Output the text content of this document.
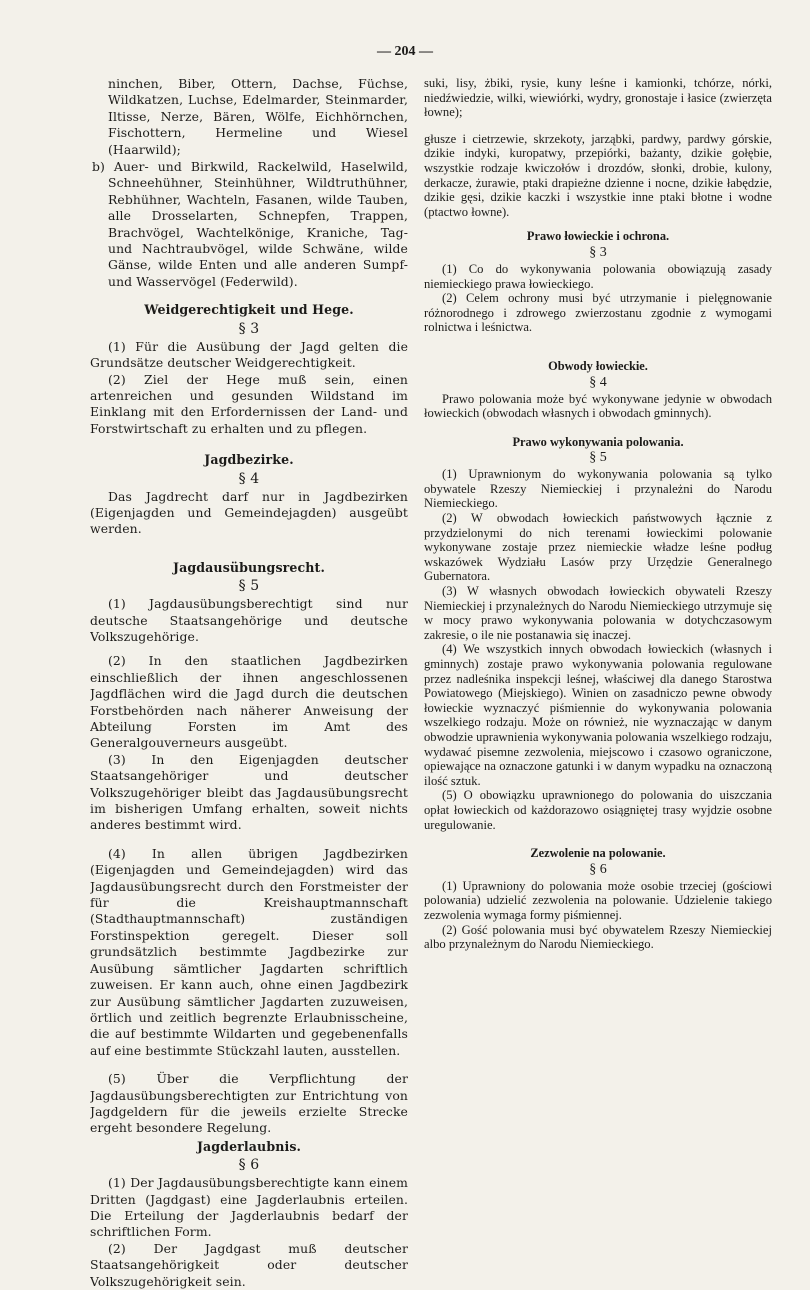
— 204 —

ninchen, Biber, Ottern, Dachse, Füchse, Wildkatzen, Luchse, Edelmarder, Steinmarder, Iltisse, Nerze, Bären, Wölfe, Eichhörnchen, Fischottern, Hermeline und Wiesel (Haarwild);

b) Auer- und Birkwild, Rackelwild, Haselwild, Schneehühner, Steinhühner, Wildtruthühner, Rebhühner, Wachteln, Fasanen, wilde Tauben, alle Drosselarten, Schnepfen, Trappen, Brachvögel, Wachtelkönige, Kraniche, Tag- und Nachtraubvögel, wilde Schwäne, wilde Gänse, wilde Enten und alle anderen Sumpf- und Wasservögel (Federwild).

Weidgerechtigkeit und Hege.

§ 3

(1) Für die Ausübung der Jagd gelten die Grundsätze deutscher Weidgerechtigkeit.

(2) Ziel der Hege muß sein, einen artenreichen und gesunden Wildstand im Einklang mit den Erfordernissen der Land- und Forstwirtschaft zu erhalten und zu pflegen.

Jagdbezirke.

§ 4

Das Jagdrecht darf nur in Jagdbezirken (Eigenjagden und Gemeindejagden) ausgeübt werden.

Jagdausübungsrecht.

§ 5

(1) Jagdausübungsberechtigt sind nur deutsche Staatsangehörige und deutsche Volkszugehörige.

(2) In den staatlichen Jagdbezirken einschließlich der ihnen angeschlossenen Jagdflächen wird die Jagd durch die deutschen Forstbehörden nach näherer Anweisung der Abteilung Forsten im Amt des Generalgouverneurs ausgeübt.

(3) In den Eigenjagden deutscher Staatsangehöriger und deutscher Volkszugehöriger bleibt das Jagdausübungsrecht im bisherigen Umfang erhalten, soweit nichts anderes bestimmt wird.

(4) In allen übrigen Jagdbezirken (Eigenjagden und Gemeindejagden) wird das Jagdausübungsrecht durch den Forstmeister der für die Kreishauptmannschaft (Stadthauptmannschaft) zuständigen Forstinspektion geregelt. Dieser soll grundsätzlich bestimmte Jagdbezirke zur Ausübung sämtlicher Jagdarten schriftlich zuweisen. Er kann auch, ohne einen Jagdbezirk zur Ausübung sämtlicher Jagdarten zuzuweisen, örtlich und zeitlich begrenzte Erlaubnisscheine, die auf bestimmte Wildarten und gegebenenfalls auf eine bestimmte Stückzahl lauten, ausstellen.

(5) Über die Verpflichtung der Jagdausübungsberechtigten zur Entrichtung von Jagdgeldern für die jeweils erzielte Strecke ergeht besondere Regelung.

Jagderlaubnis.

§ 6

(1) Der Jagdausübungsberechtigte kann einem Dritten (Jagdgast) eine Jagderlaubnis erteilen. Die Erteilung der Jagderlaubnis bedarf der schriftlichen Form.

(2) Der Jagdgast muß deutscher Staatsangehörigkeit oder deutscher Volkszugehörigkeit sein.

suki, lisy, żbiki, rysie, kuny leśne i kamionki, tchórze, nórki, niedźwiedzie, wilki, wiewiórki, wydry, gronostaje i łasice (zwierzęta łowne);

głusze i cietrzewie, skrzekoty, jarząbki, pardwy, pardwy górskie, dzikie indyki, kuropatwy, przepiórki, bażanty, dzikie gołębie, wszystkie rodzaje kwiczołów i drozdów, słonki, drobie, kulony, derkacze, żurawie, ptaki drapieżne dzienne i nocne, dzikie łabędzie, dzikie gęsi, dzikie kaczki i wszystkie inne ptaki błotne i wodne (ptactwo łowne).

Prawo łowieckie i ochrona.

§ 3

(1) Co do wykonywania polowania obowiązują zasady niemieckiego prawa łowieckiego.

(2) Celem ochrony musi być utrzymanie i pielęgnowanie różnorodnego i zdrowego zwierzostanu zgodnie z wymogami rolnictwa i leśnictwa.

Obwody łowieckie.

§ 4

Prawo polowania może być wykonywane jedynie w obwodach łowieckich (obwodach własnych i obwodach gminnych).

Prawo wykonywania polowania.

§ 5

(1) Uprawnionym do wykonywania polowania są tylko obywatele Rzeszy Niemieckiej i przynależni do Narodu Niemieckiego.

(2) W obwodach łowieckich państwowych łącznie z przydzielonymi do nich terenami łowieckimi polowanie wykonywane zostaje przez niemieckie władze leśne podług wskazówek Wydziału Lasów przy Urzędzie Generalnego Gubernatora.

(3) W własnych obwodach łowieckich obywateli Rzeszy Niemieckiej i przynależnych do Narodu Niemieckiego utrzymuje się w mocy prawo wykonywania polowania w dotychczasowym zakresie, o ile nie postanawia się inaczej.

(4) We wszystkich innych obwodach łowieckich (własnych i gminnych) zostaje prawo wykonywania polowania regulowane przez nadleśnika inspekcji leśnej, właściwej dla danego Starostwa Powiatowego (Miejskiego). Winien on zasadniczo pewne obwody łowieckie wyznaczyć piśmiennie do wykonywania polowania wszelkiego rodzaju. Może on również, nie wyznaczając w danym obwodzie uprawnienia wykonywania polowania wszelkiego rodzaju, wydawać pisemne zezwolenia, miejscowo i czasowo ograniczone, opiewające na oznaczone gatunki i w danym wypadku na oznaczoną ilość sztuk.

(5) O obowiązku uprawnionego do polowania do uiszczania opłat łowieckich od każdorazowo osiągniętej trasy wyjdzie osobne uregulowanie.

Zezwolenie na polowanie.

§ 6

(1) Uprawniony do polowania może osobie trzeciej (gościowi polowania) udzielić zezwolenia na polowanie. Udzielenie takiego zezwolenia wymaga formy piśmiennej.

(2) Gość polowania musi być obywatelem Rzeszy Niemieckiej albo przynależnym do Narodu Niemieckiego.
